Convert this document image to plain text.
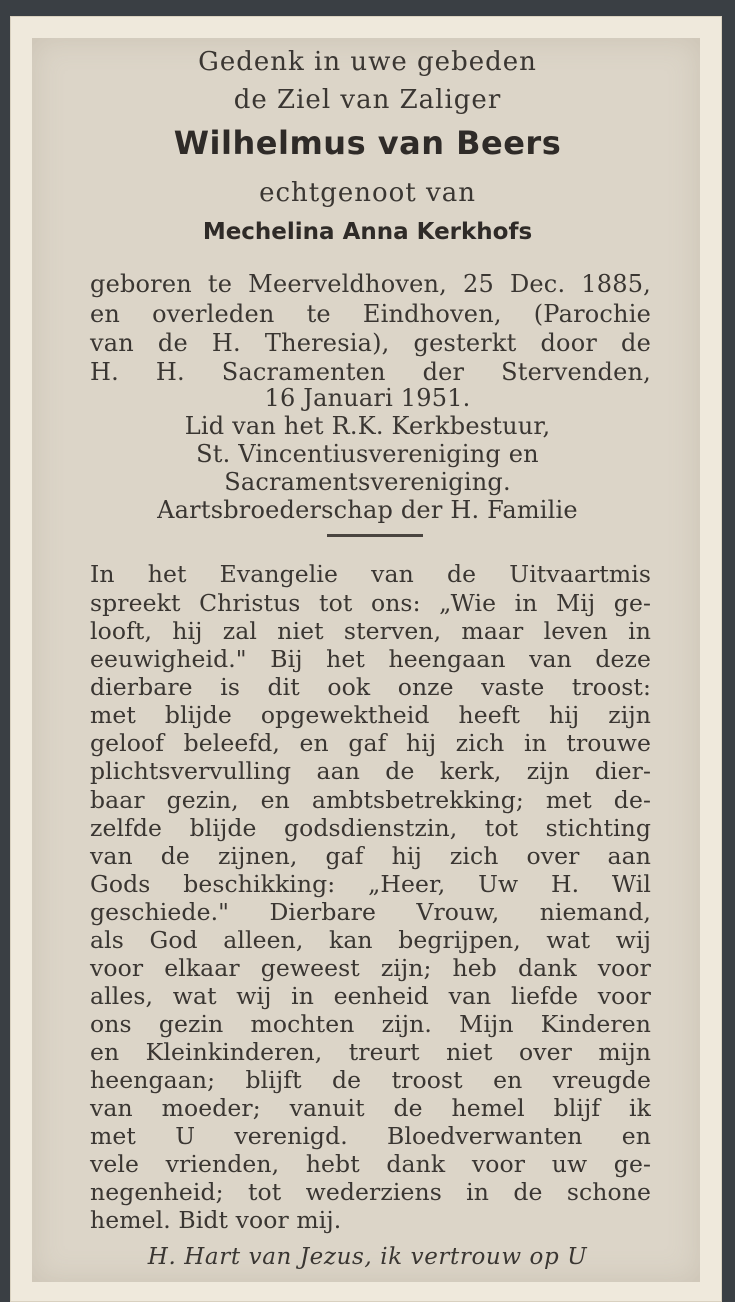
Gedenk in uwe gebeden
de Ziel van Zaliger
Wilhelmus van Beers
echtgenoot van
Mechelina Anna Kerkhofs
geboren te Meerveldhoven, 25 Dec. 1885,
en overleden te Eindhoven, (Parochie
van de H. Theresia), gesterkt door de
H. H. Sacramenten der Stervenden,
16 Januari 1951.
Lid van het R.K. Kerkbestuur,
St. Vincentiusvereniging en
Sacramentsvereniging.
Aartsbroederschap der H. Familie
In het Evangelie van de Uitvaartmis
spreekt Christus tot ons: „Wie in Mij ge-
looft, hij zal niet sterven, maar leven in
eeuwigheid." Bij het heengaan van deze
dierbare is dit ook onze vaste troost:
met blijde opgewektheid heeft hij zijn
geloof beleefd, en gaf hij zich in trouwe
plichtsvervulling aan de kerk, zijn dier-
baar gezin, en ambtsbetrekking; met de-
zelfde blijde godsdienstzin, tot stichting
van de zijnen, gaf hij zich over aan
Gods beschikking: „Heer, Uw H. Wil
geschiede." Dierbare Vrouw, niemand,
als God alleen, kan begrijpen, wat wij
voor elkaar geweest zijn; heb dank voor
alles, wat wij in eenheid van liefde voor
ons gezin mochten zijn. Mijn Kinderen
en Kleinkinderen, treurt niet over mijn
heengaan; blijft de troost en vreugde
van moeder; vanuit de hemel blijf ik
met U verenigd. Bloedverwanten en
vele vrienden, hebt dank voor uw ge-
negenheid; tot wederziens in de schone
hemel. Bidt voor mij.
H. Hart van Jezus, ik vertrouw op U
